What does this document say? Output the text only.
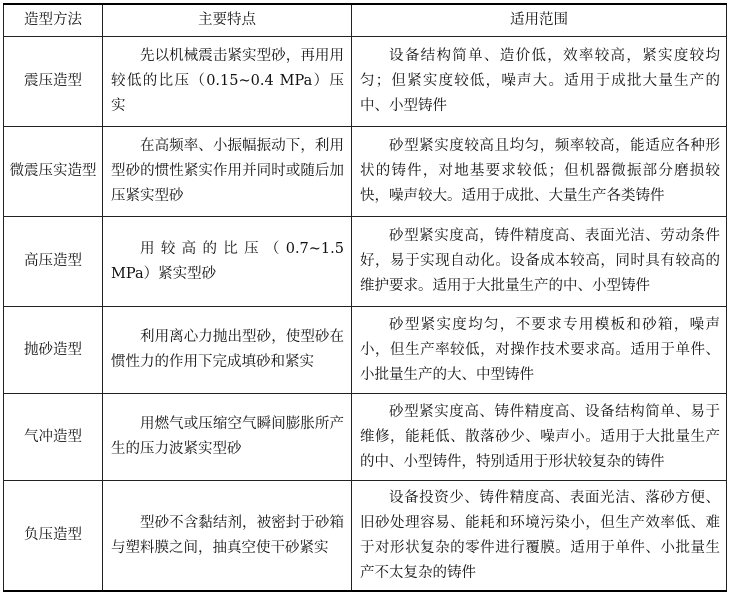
造型方法	主要特点	适用范围
震压造型	先以机械震击紧实型砂，再用用较低的比压（0.15~0.4 MPa）压实	设备结构简单、造价低，效率较高，紧实度较均匀；但紧实度较低，噪声大。适用于成批大量生产的中、小型铸件
微震压实造型	在高频率、小振幅振动下，利用型砂的惯性紧实作用并同时或随后加压紧实型砂	砂型紧实度较高且均匀，频率较高，能适应各种形状的铸件，对地基要求较低；但机器微振部分磨损较快，噪声较大。适用于成批、大量生产各类铸件
高压造型	用较高的比压（0.7~1.5 MPa）紧实型砂	砂型紧实度高，铸件精度高、表面光洁、劳动条件好，易于实现自动化。设备成本较高，同时具有较高的维护要求。适用于大批量生产的中、小型铸件
抛砂造型	利用离心力抛出型砂，使型砂在惯性力的作用下完成填砂和紧实	砂型紧实度均匀，不要求专用模板和砂箱，噪声小，但生产率较低，对操作技术要求高。适用于单件、小批量生产的大、中型铸件
气冲造型	用燃气或压缩空气瞬间膨胀所产生的压力波紧实型砂	砂型紧实度高、铸件精度高、设备结构简单、易于维修，能耗低、散落砂少、噪声小。适用于大批量生产的中、小型铸件，特别适用于形状较复杂的铸件
负压造型	型砂不含黏结剂，被密封于砂箱与塑料膜之间，抽真空使干砂紧实	设备投资少、铸件精度高、表面光洁、落砂方便、旧砂处理容易、能耗和环境污染小，但生产效率低、难于对形状复杂的零件进行覆膜。适用于单件、小批量生产不太复杂的铸件
